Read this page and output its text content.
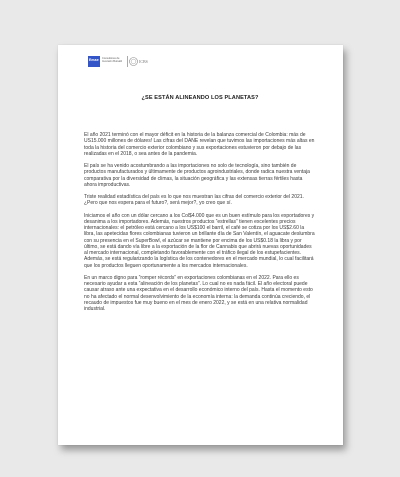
Emae Consultores de Inversión Bursátil	ICBS
¿SE ESTÁN ALINEANDO LOS PLANETAS?

El año 2021 terminó con el mayor déficit en la historia de la balanza comercial de Colombia: más de US15.000 millones de dólares! Las cifras del DANE revelan que tuvimos las importaciones más altas en toda la historia del comercio exterior colombiano y sus exportaciones estuvieron por debajo de las realizadas en el 2018, o sea antes de la pandemia.

El país se ha venido acostumbrando a las importaciones no solo de tecnología, sino también de productos manufacturados y últimamente de productos agroindustriales, donde radica nuestra ventaja comparativa por la diversidad de climas, la situación geográfica y las extensas tierras fértiles hasta ahora improductivas.

Triste realidad estadística del país es lo que nos muestran las cifras del comercio exterior del 2021. ¿Pero que nos espera para el futuro?, será mejor?, yo creo que sí.

Iniciamos el año con un dólar cercano a los Col$4.000 que es un buen estímulo para los exportadores y desanima a los importadores. Además, nuestros productos “estrellas” tienen excelentes precios internacionales: el petróleo está cercano a los US$100 el barril, el café se cotiza por los US$2.60 la libra, las apetecidas flores colombianas tuvieron un brillante día de San Valentín, el aguacate deslumbra con su presencia en el SuperBowl, el azúcar se mantiene por encima de los US$0.18 la libra y por último, se está dando vía libre a la exportación de la flor de Cannabis que abrirá nuevas oportunidades al mercado internacional, completando favorablemente con el tráfico ilegal de los estupefacientes. Además, se está regularizando la logística de los contenedores en el mercado mundial, lo cual facilitará que los productos lleguen oportunamente a los mercados internacionales.

En un marco digno para “romper récords” en exportaciones colombianas en el 2022. Para ello es necesario ayudar a esta “alineación de los planetas”. Lo cual no es nada fácil. El año electoral puede causar atraso ante una expectativa en el desarrollo económico interno del país. Hasta el momento esto no ha afectado el normal desenvolvimiento de la economía interna: la demanda continúa creciendo, el recaudo de impuestos fue muy bueno en el mes de enero 2022, y se está en una relativa normalidad industrial.
